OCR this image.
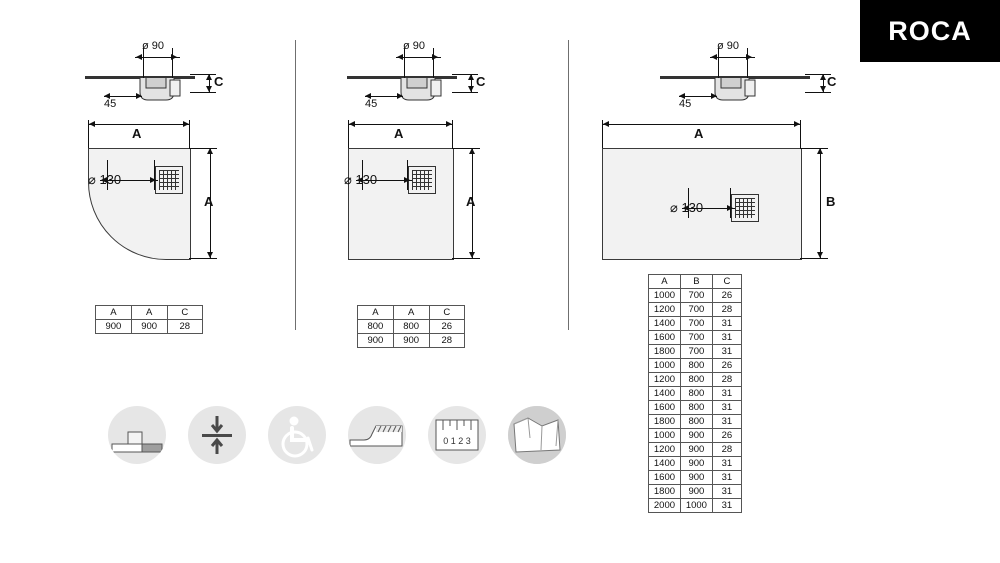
ROCA
ø 90
45
C
A
⌀ 130
A
A	A	C
900	900	28
ø 90
45
C
A
⌀ 130
A
A	A	C
800	800	26
900	900	28
ø 90
45
C
A
⌀ 130	B
A	B	C
1000	700	26
1200	700	28
1400	700	31
1600	700	31
1800	700	31
1000	800	26
1200	800	28
1400	800	31
1600	800	31
1800	800	31
1000	900	26
1200	900	28
1400	900	31
1600	900	31
1800	900	31
2000	1000	31
0 1 2 3
